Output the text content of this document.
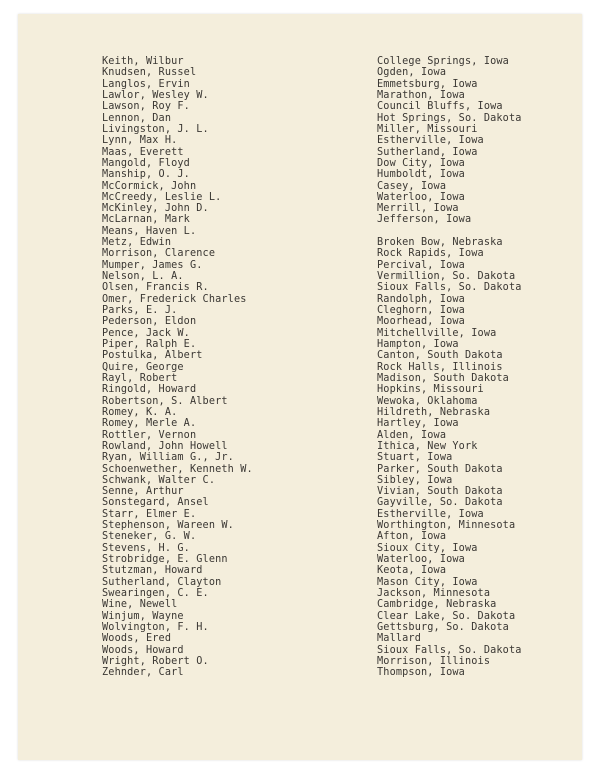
Keith, Wilbur	College Springs, Iowa
Knudsen, Russel	Ogden, Iowa
Langlos, Ervin	Emmetsburg, Iowa
Lawlor, Wesley W.	Marathon, Iowa
Lawson, Roy F.	Council Bluffs, Iowa
Lennon, Dan	Hot Springs, So. Dakota
Livingston, J. L.	Miller, Missouri
Lynn, Max H.	Estherville, Iowa
Maas, Everett	Sutherland, Iowa
Mangold, Floyd	Dow City, Iowa
Manship, O. J.	Humboldt, Iowa
McCormick, John	Casey, Iowa
McCreedy, Leslie L.	Waterloo, Iowa
McKinley, John D.	Merrill, Iowa
McLarnan, Mark	Jefferson, Iowa
Means, Haven L.
Metz, Edwin	Broken Bow, Nebraska
Morrison, Clarence	Rock Rapids, Iowa
Mumper, James G.	Percival, Iowa
Nelson, L. A.	Vermillion, So. Dakota
Olsen, Francis R.	Sioux Falls, So. Dakota
Omer, Frederick Charles	Randolph, Iowa
Parks, E. J.	Cleghorn, Iowa
Pederson, Eldon	Moorhead, Iowa
Pence, Jack W.	Mitchellville, Iowa
Piper, Ralph E.	Hampton, Iowa
Postulka, Albert	Canton, South Dakota
Quire, George	Rock Halls, Illinois
Rayl, Robert	Madison, South Dakota
Ringold, Howard	Hopkins, Missouri
Robertson, S. Albert	Wewoka, Oklahoma
Romey, K. A.	Hildreth, Nebraska
Romey, Merle A.	Hartley, Iowa
Rottler, Vernon	Alden, Iowa
Rowland, John Howell	Ithica, New York
Ryan, William G., Jr.	Stuart, Iowa
Schoenwether, Kenneth W.	Parker, South Dakota
Schwank, Walter C.	Sibley, Iowa
Senne, Arthur	Vivian, South Dakota
Sonstegard, Ansel	Gayville, So. Dakota
Starr, Elmer E.	Estherville, Iowa
Stephenson, Wareen W.	Worthington, Minnesota
Steneker, G. W.	Afton, Iowa
Stevens, H. G.	Sioux City, Iowa
Strobridge, E. Glenn	Waterloo, Iowa
Stutzman, Howard	Keota, Iowa
Sutherland, Clayton	Mason City, Iowa
Swearingen, C. E.	Jackson, Minnesota
Wine, Newell	Cambridge, Nebraska
Winjum, Wayne	Clear Lake, So. Dakota
Wolvington, F. H.	Gettsburg, So. Dakota
Woods, Ered	Mallard
Woods, Howard	Sioux Falls, So. Dakota
Wright, Robert O.	Morrison, Illinois
Zehnder, Carl	Thompson, Iowa
